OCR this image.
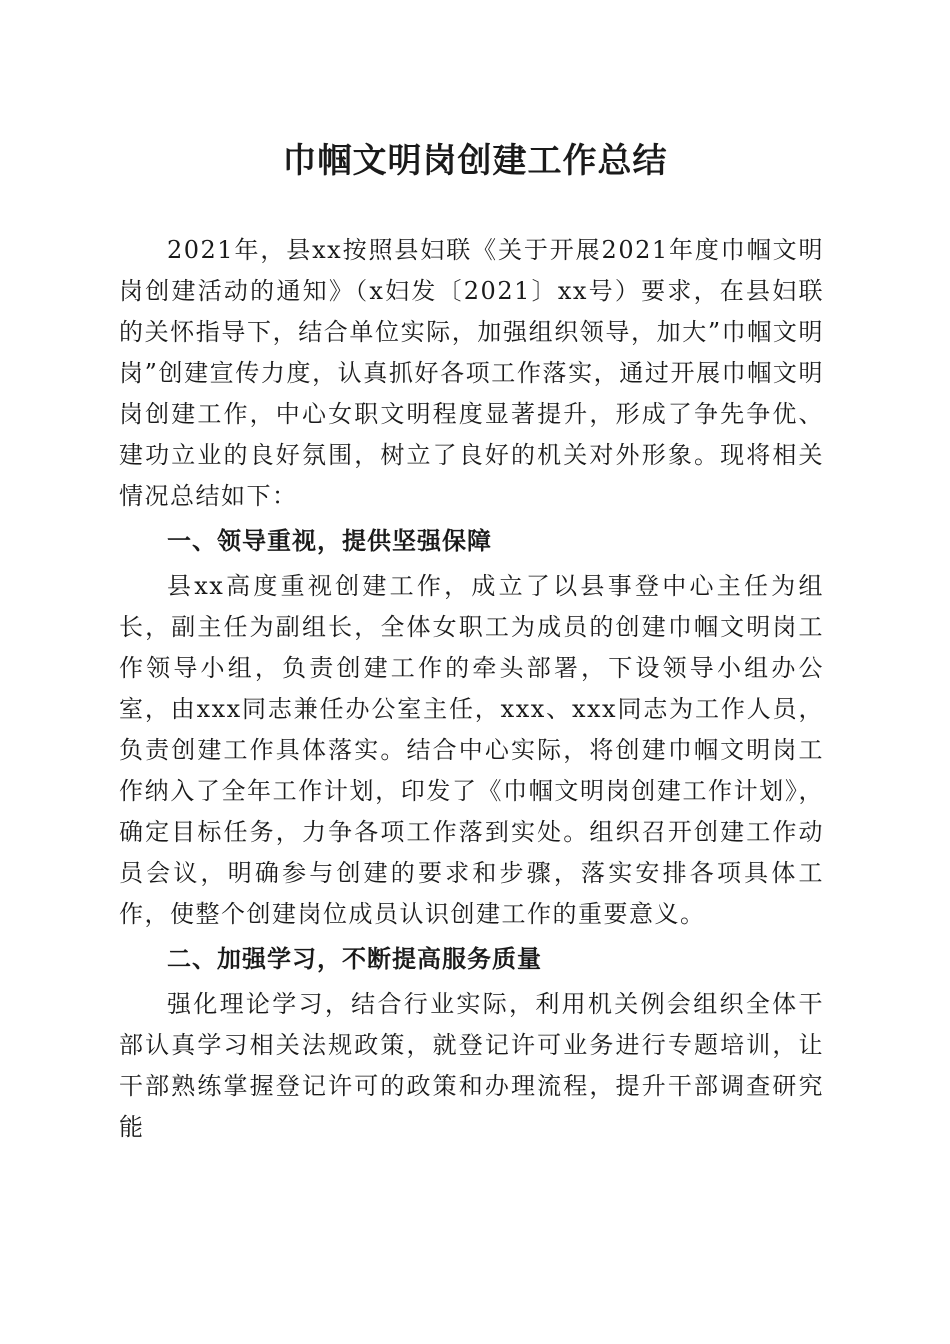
巾帼文明岗创建工作总结

2021年，县xx按照县妇联《关于开展2021年度巾帼文明岗创建活动的通知》（x妇发〔2021〕xx号）要求，在县妇联的关怀指导下，结合单位实际，加强组织领导，加大”巾帼文明岗”创建宣传力度，认真抓好各项工作落实，通过开展巾帼文明岗创建工作，中心女职文明程度显著提升，形成了争先争优、建功立业的良好氛围，树立了良好的机关对外形象。现将相关情况总结如下：

一、领导重视，提供坚强保障

县xx高度重视创建工作，成立了以县事登中心主任为组长，副主任为副组长，全体女职工为成员的创建巾帼文明岗工作领导小组，负责创建工作的牵头部署，下设领导小组办公室，由xxx同志兼任办公室主任，xxx、xxx同志为工作人员，负责创建工作具体落实。结合中心实际，将创建巾帼文明岗工作纳入了全年工作计划，印发了《巾帼文明岗创建工作计划》，确定目标任务，力争各项工作落到实处。组织召开创建工作动员会议，明确参与创建的要求和步骤，落实安排各项具体工作，使整个创建岗位成员认识创建工作的重要意义。

二、加强学习，不断提高服务质量

强化理论学习，结合行业实际，利用机关例会组织全体干部认真学习相关法规政策，就登记许可业务进行专题培训，让干部熟练掌握登记许可的政策和办理流程，提升干部调查研究能
